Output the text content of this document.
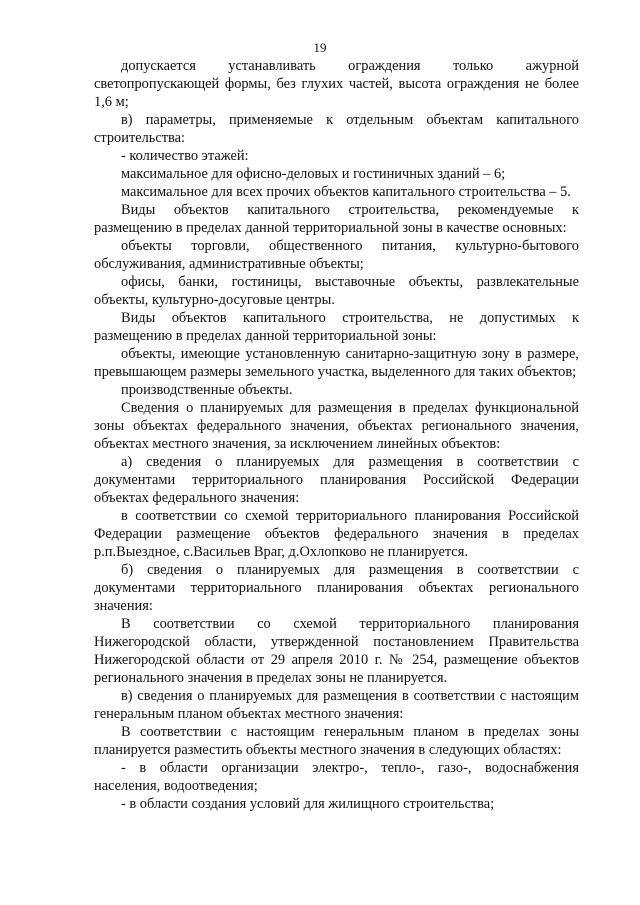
19

допускается устанавливать ограждения только ажурной светопропускающей формы, без глухих частей, высота ограждения не более 1,6 м;

в) параметры, применяемые к отдельным объектам капитального строительства:

- количество этажей:

максимальное для офисно-деловых и гостиничных зданий – 6;

максимальное для всех прочих объектов капитального строительства – 5.

Виды объектов капитального строительства, рекомендуемые к размещению в пределах данной территориальной зоны в качестве основных:

объекты торговли, общественного питания, культурно-бытового обслуживания, административные объекты;

офисы, банки, гостиницы, выставочные объекты, развлекательные объекты, культурно-досуговые центры.

Виды объектов капитального строительства, не допустимых к размещению в пределах данной территориальной зоны:

объекты, имеющие установленную санитарно-защитную зону в размере, превышающем размеры земельного участка, выделенного для таких объектов;

производственные объекты.

Сведения о планируемых для размещения в пределах функциональной зоны объектах федерального значения, объектах регионального значения, объектах местного значения, за исключением линейных объектов:

а) сведения о планируемых для размещения в соответствии с документами территориального планирования Российской Федерации объектах федерального значения:

в соответствии со схемой территориального планирования Российской Федерации размещение объектов федерального значения в пределах р.п.Выездное, с.Васильев Враг, д.Охлопково не планируется.

б) сведения о планируемых для размещения в соответствии с документами территориального планирования объектах регионального значения:

В соответствии со схемой территориального планирования Нижегородской области, утвержденной постановлением Правительства Нижегородской области от 29 апреля 2010 г. № 254, размещение объектов регионального значения в пределах зоны не планируется.

в) сведения о планируемых для размещения в соответствии с настоящим генеральным планом объектах местного значения:

В соответствии с настоящим генеральным планом в пределах зоны планируется разместить объекты местного значения в следующих областях:

- в области организации электро-, тепло-, газо-, водоснабжения населения, водоотведения;

- в области создания условий для жилищного строительства;
